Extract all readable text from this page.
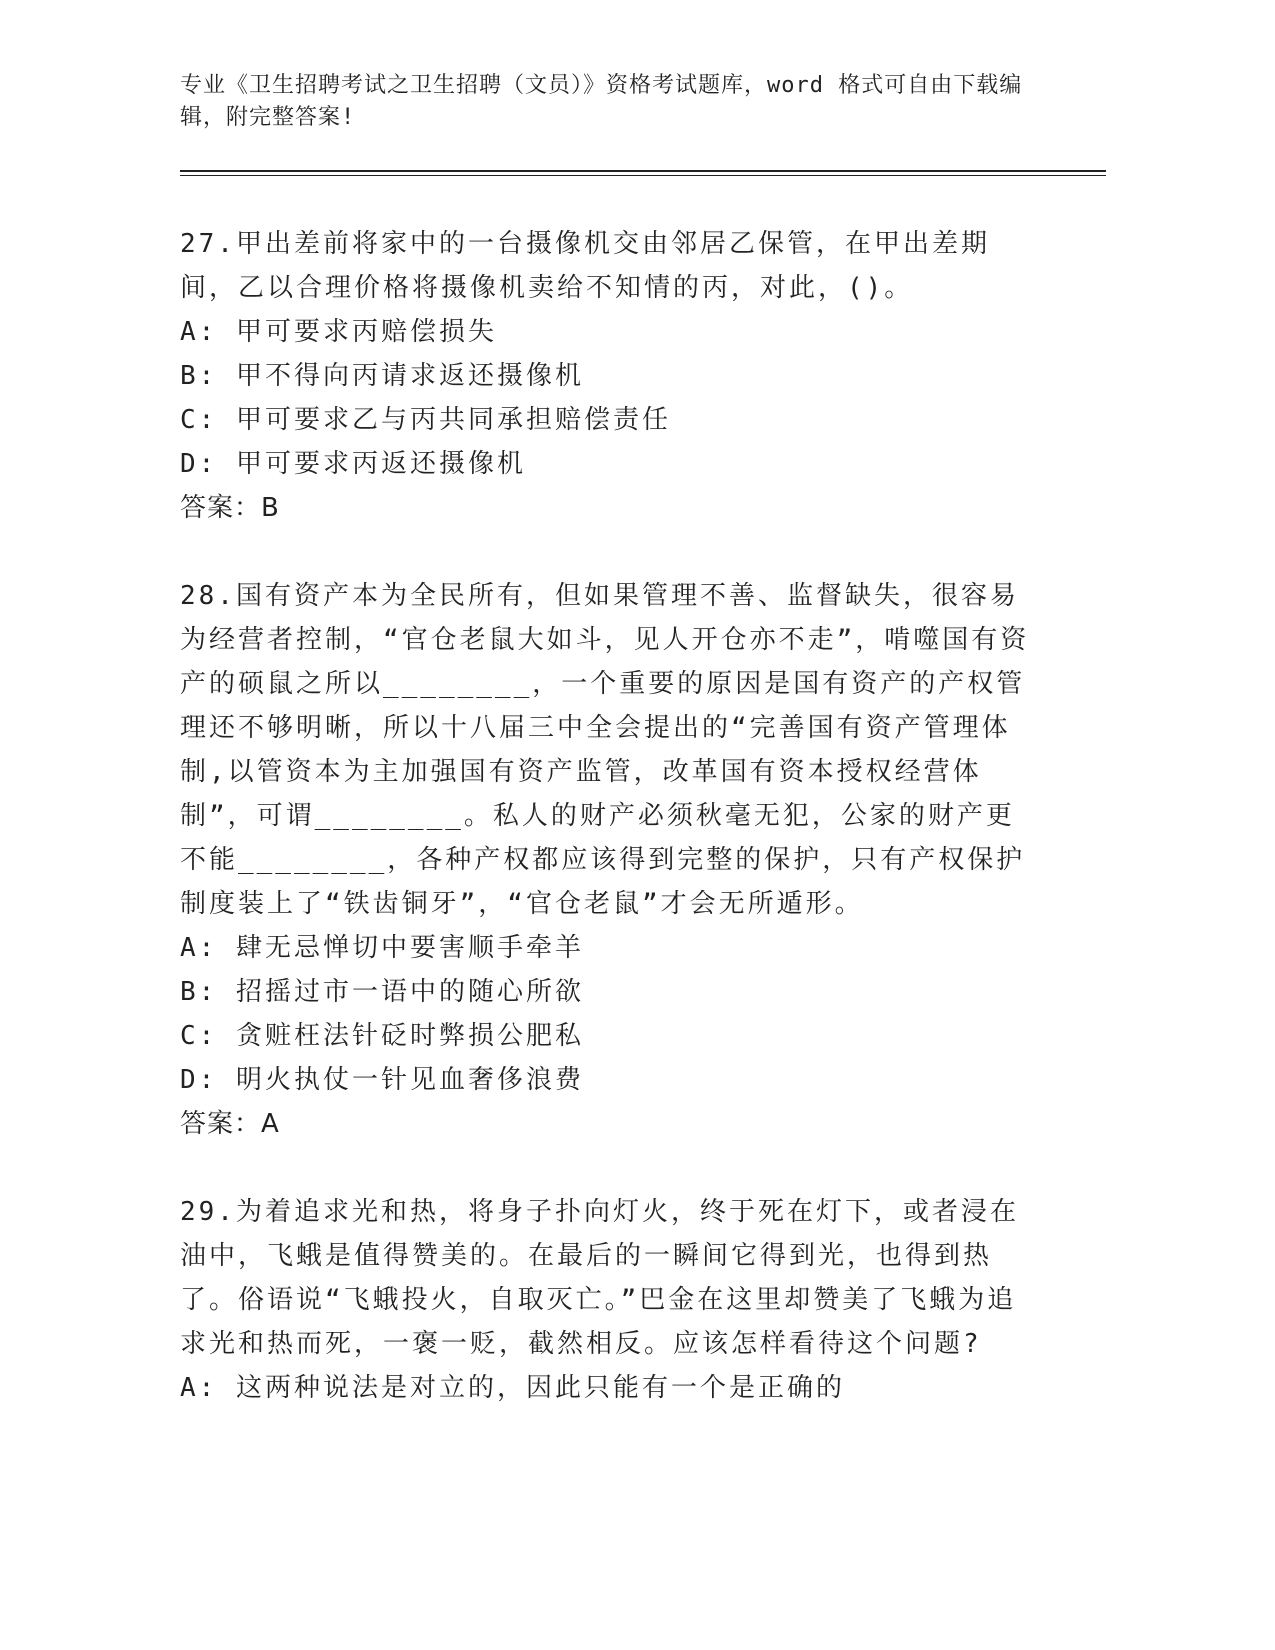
专业《卫生招聘考试之卫生招聘（文员）》资格考试题库，word 格式可自由下载编辑，附完整答案!
27.甲出差前将家中的一台摄像机交由邻居乙保管，在甲出差期间，乙以合理价格将摄像机卖给不知情的丙，对此，()。
A: 甲可要求丙赔偿损失
B: 甲不得向丙请求返还摄像机
C: 甲可要求乙与丙共同承担赔偿责任
D: 甲可要求丙返还摄像机
答案：B
28.国有资产本为全民所有，但如果管理不善、监督缺失，很容易为经营者控制，“官仓老鼠大如斗，见人开仓亦不走”，啃噬国有资产的硕鼠之所以________，一个重要的原因是国有资产的产权管理还不够明晰，所以十八届三中全会提出的“完善国有资产管理体制,以管资本为主加强国有资产监管，改革国有资本授权经营体制”，可谓________。私人的财产必须秋毫无犯，公家的财产更不能________，各种产权都应该得到完整的保护，只有产权保护制度装上了“铁齿铜牙”，“官仓老鼠”才会无所遁形。
A: 肆无忌惮切中要害顺手牵羊
B: 招摇过市一语中的随心所欲
C: 贪赃枉法针砭时弊损公肥私
D: 明火执仗一针见血奢侈浪费
答案：A
29.为着追求光和热，将身子扑向灯火，终于死在灯下，或者浸在油中，飞蛾是值得赞美的。在最后的一瞬间它得到光，也得到热了。俗语说“飞蛾投火，自取灭亡。”巴金在这里却赞美了飞蛾为追求光和热而死，一褒一贬，截然相反。应该怎样看待这个问题?
A: 这两种说法是对立的，因此只能有一个是正确的
